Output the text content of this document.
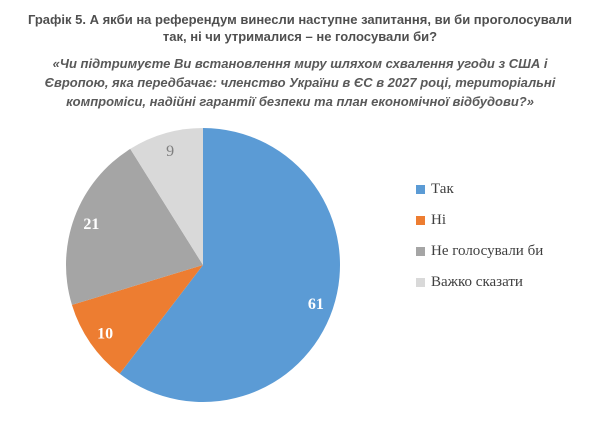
Графік 5. А якби на референдум винесли наступне запитання, ви би проголосували так, ні чи утрималися – не голосували би?
«Чи підтримуєте Ви встановлення миру шляхом схвалення угоди з США і Європою, яка передбачає: членство України в ЄС в 2027 році, територіальні компроміси, надійні гарантії безпеки та план економічної відбудови?»
61
10
21
9
Так
Ні
Не голосували би
Важко сказати
